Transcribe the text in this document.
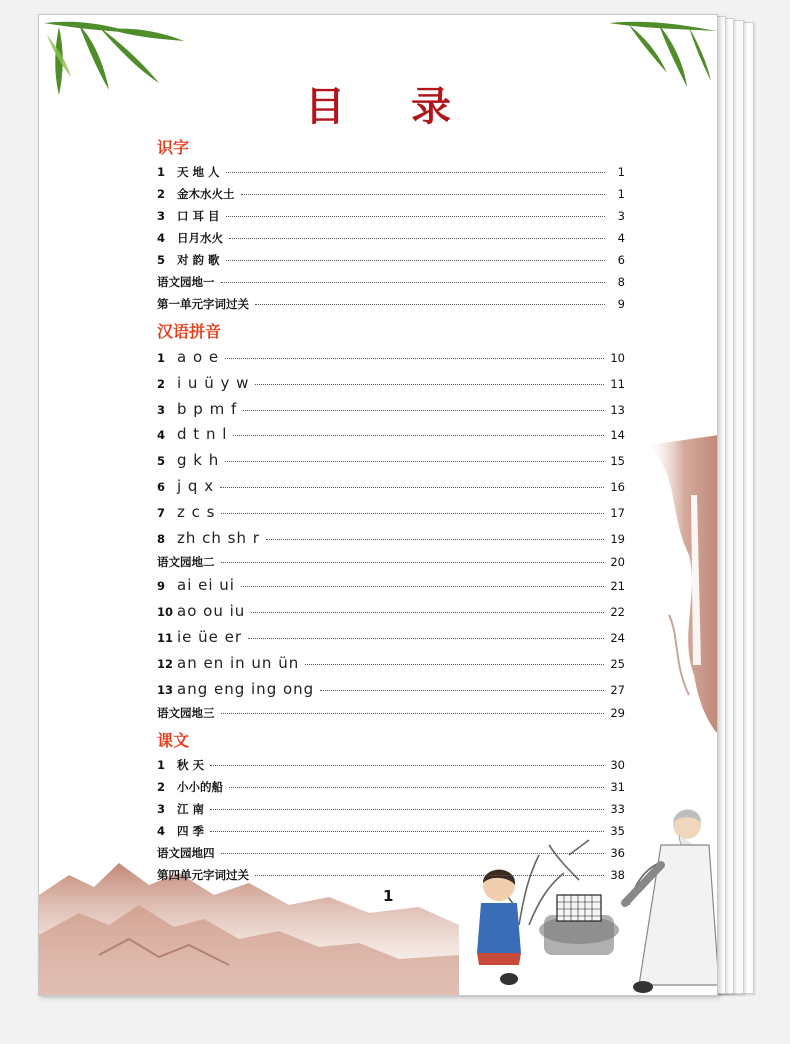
目 录
识字
1	天 地 人	1
2	金木水火土	1
3	口 耳 目	3
4	日月水火	4
5	对 韵 歌	6
语文园地一	8
第一单元字词过关	9
汉语拼音
1 a o e	10
2 i u ü y w	11
3 b p m f	13
4 d t n l	14
5 g k h	15
6 j q x	16
7 z c s	17
8 zh ch sh r	19
语文园地二	20
9 ai ei ui	21
10 ao ou iu	22
11 ie üe er	24
12 an en in un ün	25
13 ang eng ing ong	27
语文园地三	29
课文
1	秋 天	30
2	小小的船	31
3	江 南	33
4	四 季	35
语文园地四	36
第四单元字词过关	38
1
